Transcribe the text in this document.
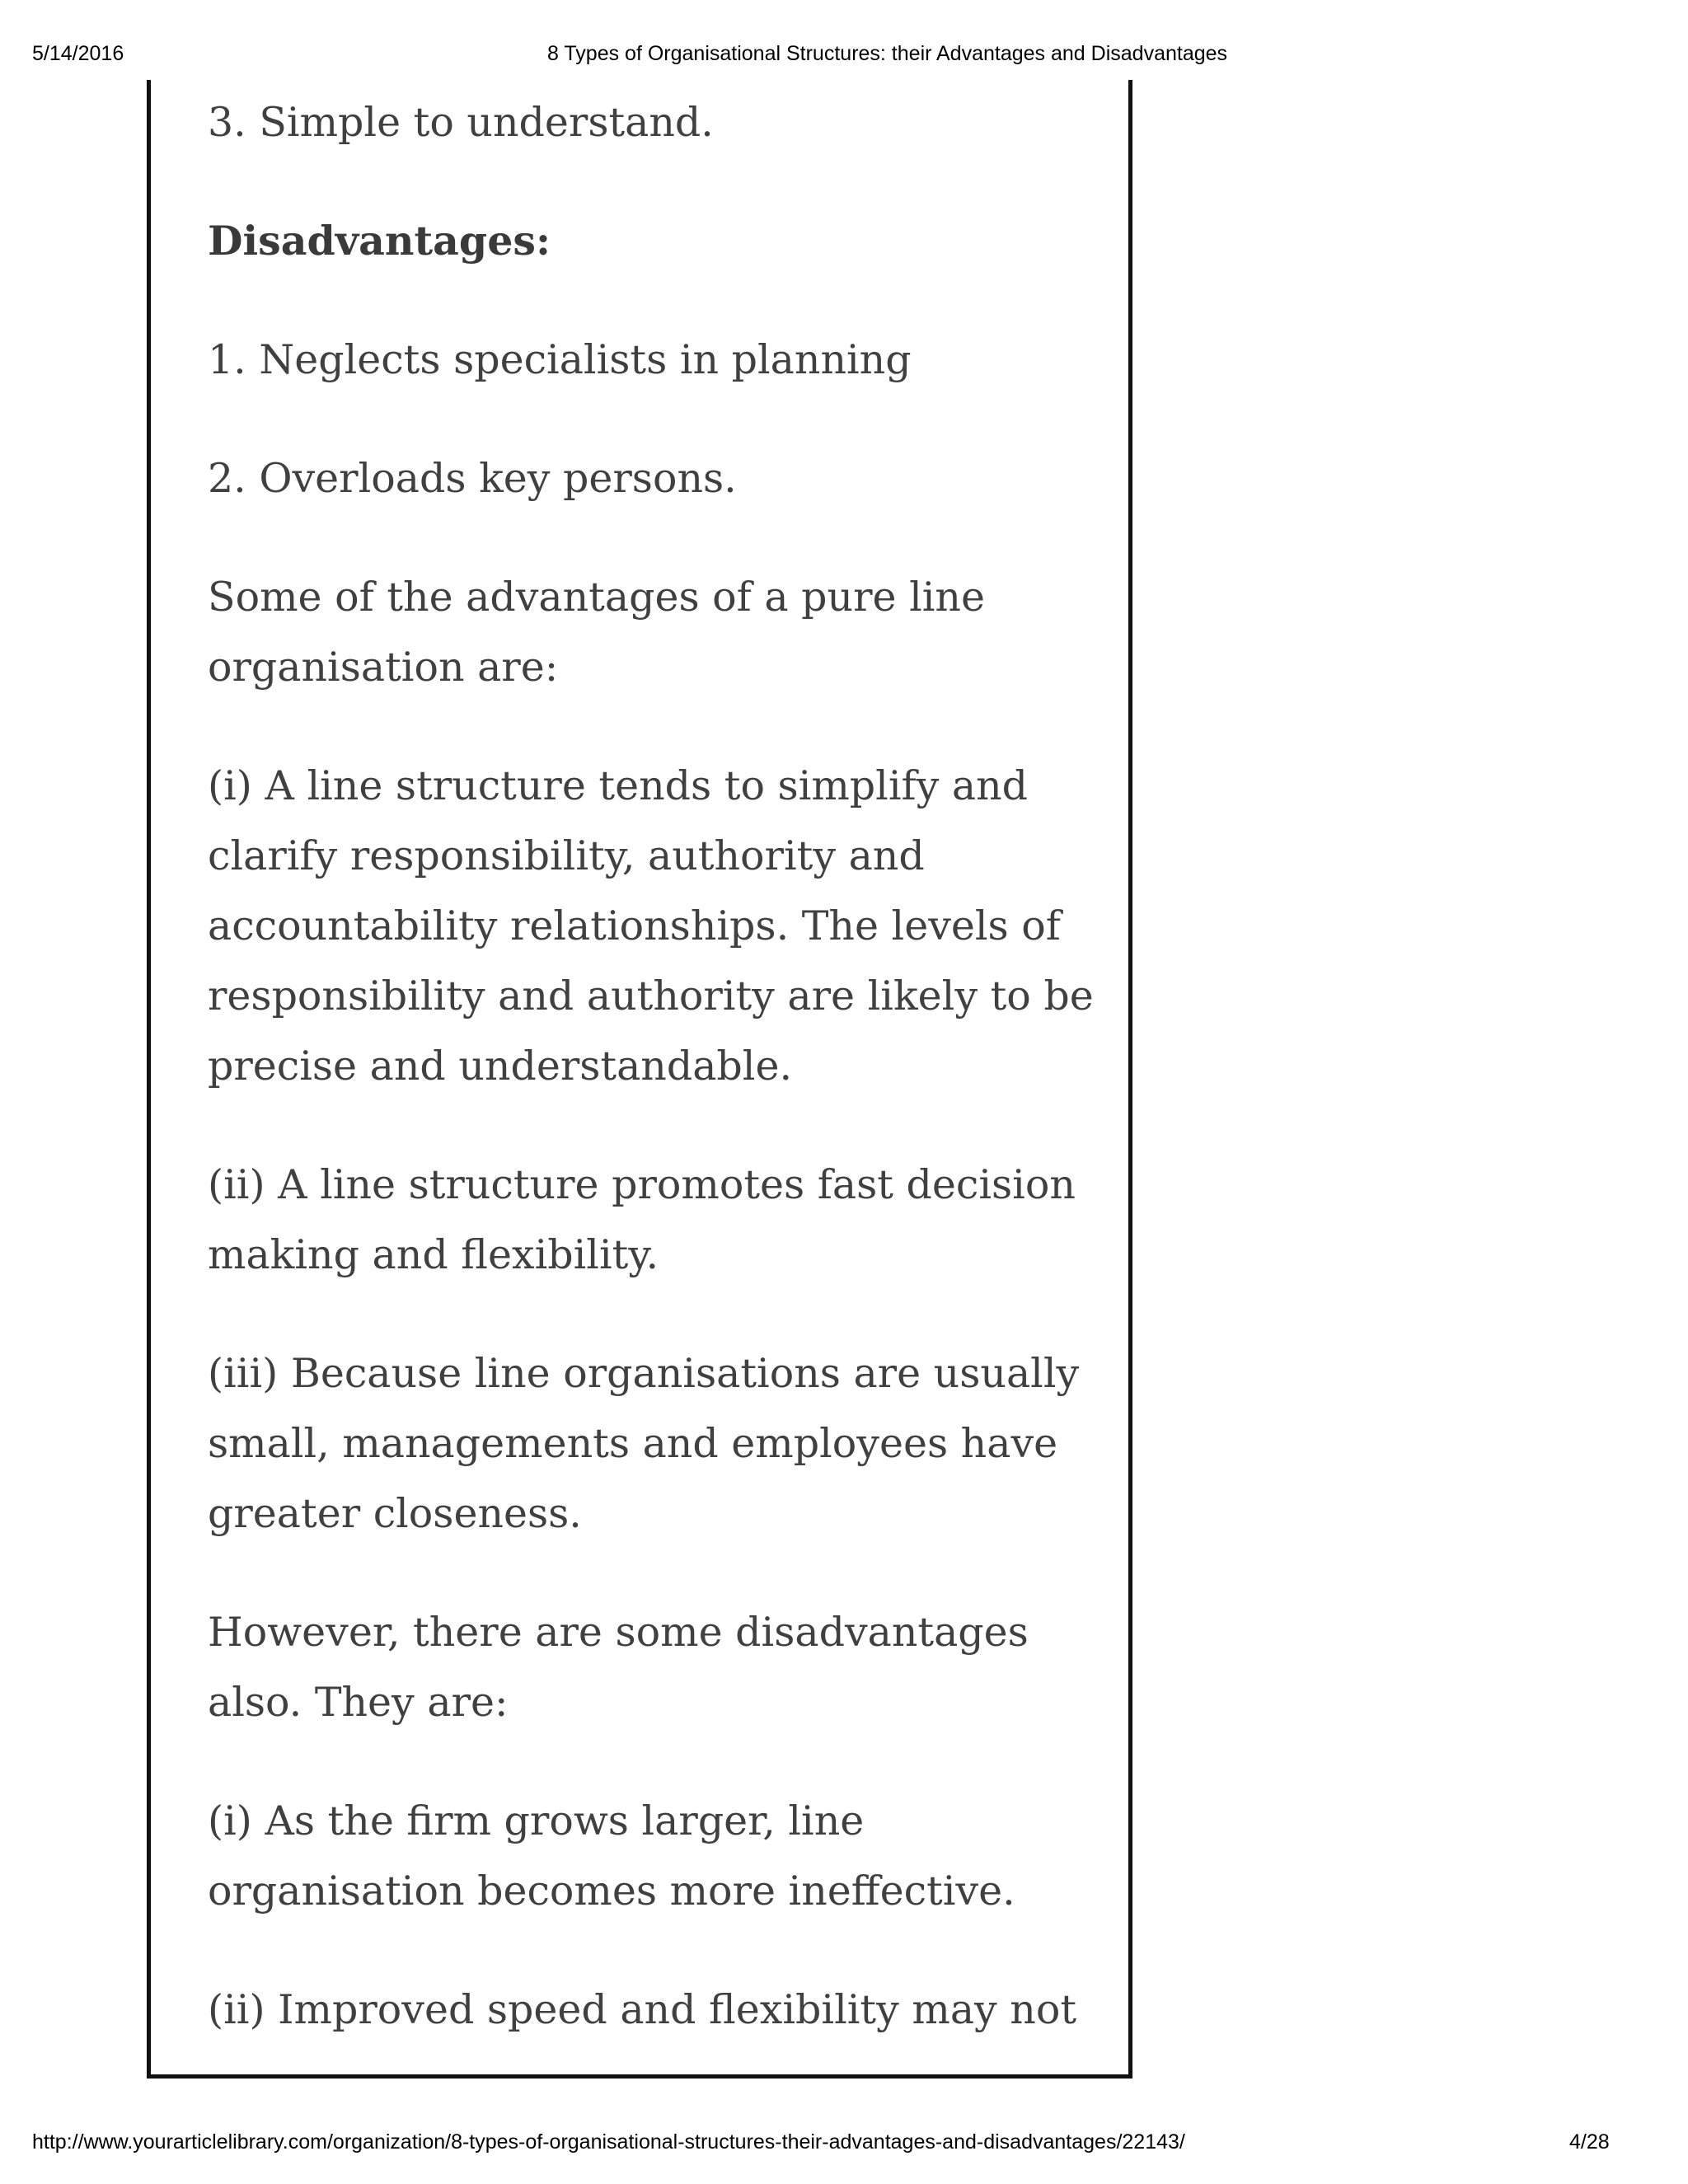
5/14/2016	8 Types of Organisational Structures: their Advantages and Disadvantages

3. Simple to understand.

Disadvantages:

1. Neglects specialists in planning

2. Overloads key persons.

Some of the advantages of a pure line organisation are:

(i) A line structure tends to simplify and clarify responsibility, authority and accountability relationships. The levels of responsibility and authority are likely to be precise and understandable.

(ii) A line structure promotes fast decision making and flexibility.

(iii) Because line organisations are usually small, managements and employees have greater closeness.

However, there are some disadvantages also. They are:

(i) As the firm grows larger, line organisation becomes more ineffective.

(ii) Improved speed and flexibility may not

http://www.yourarticlelibrary.com/organization/8-types-of-organisational-structures-their-advantages-and-disadvantages/22143/	4/28
